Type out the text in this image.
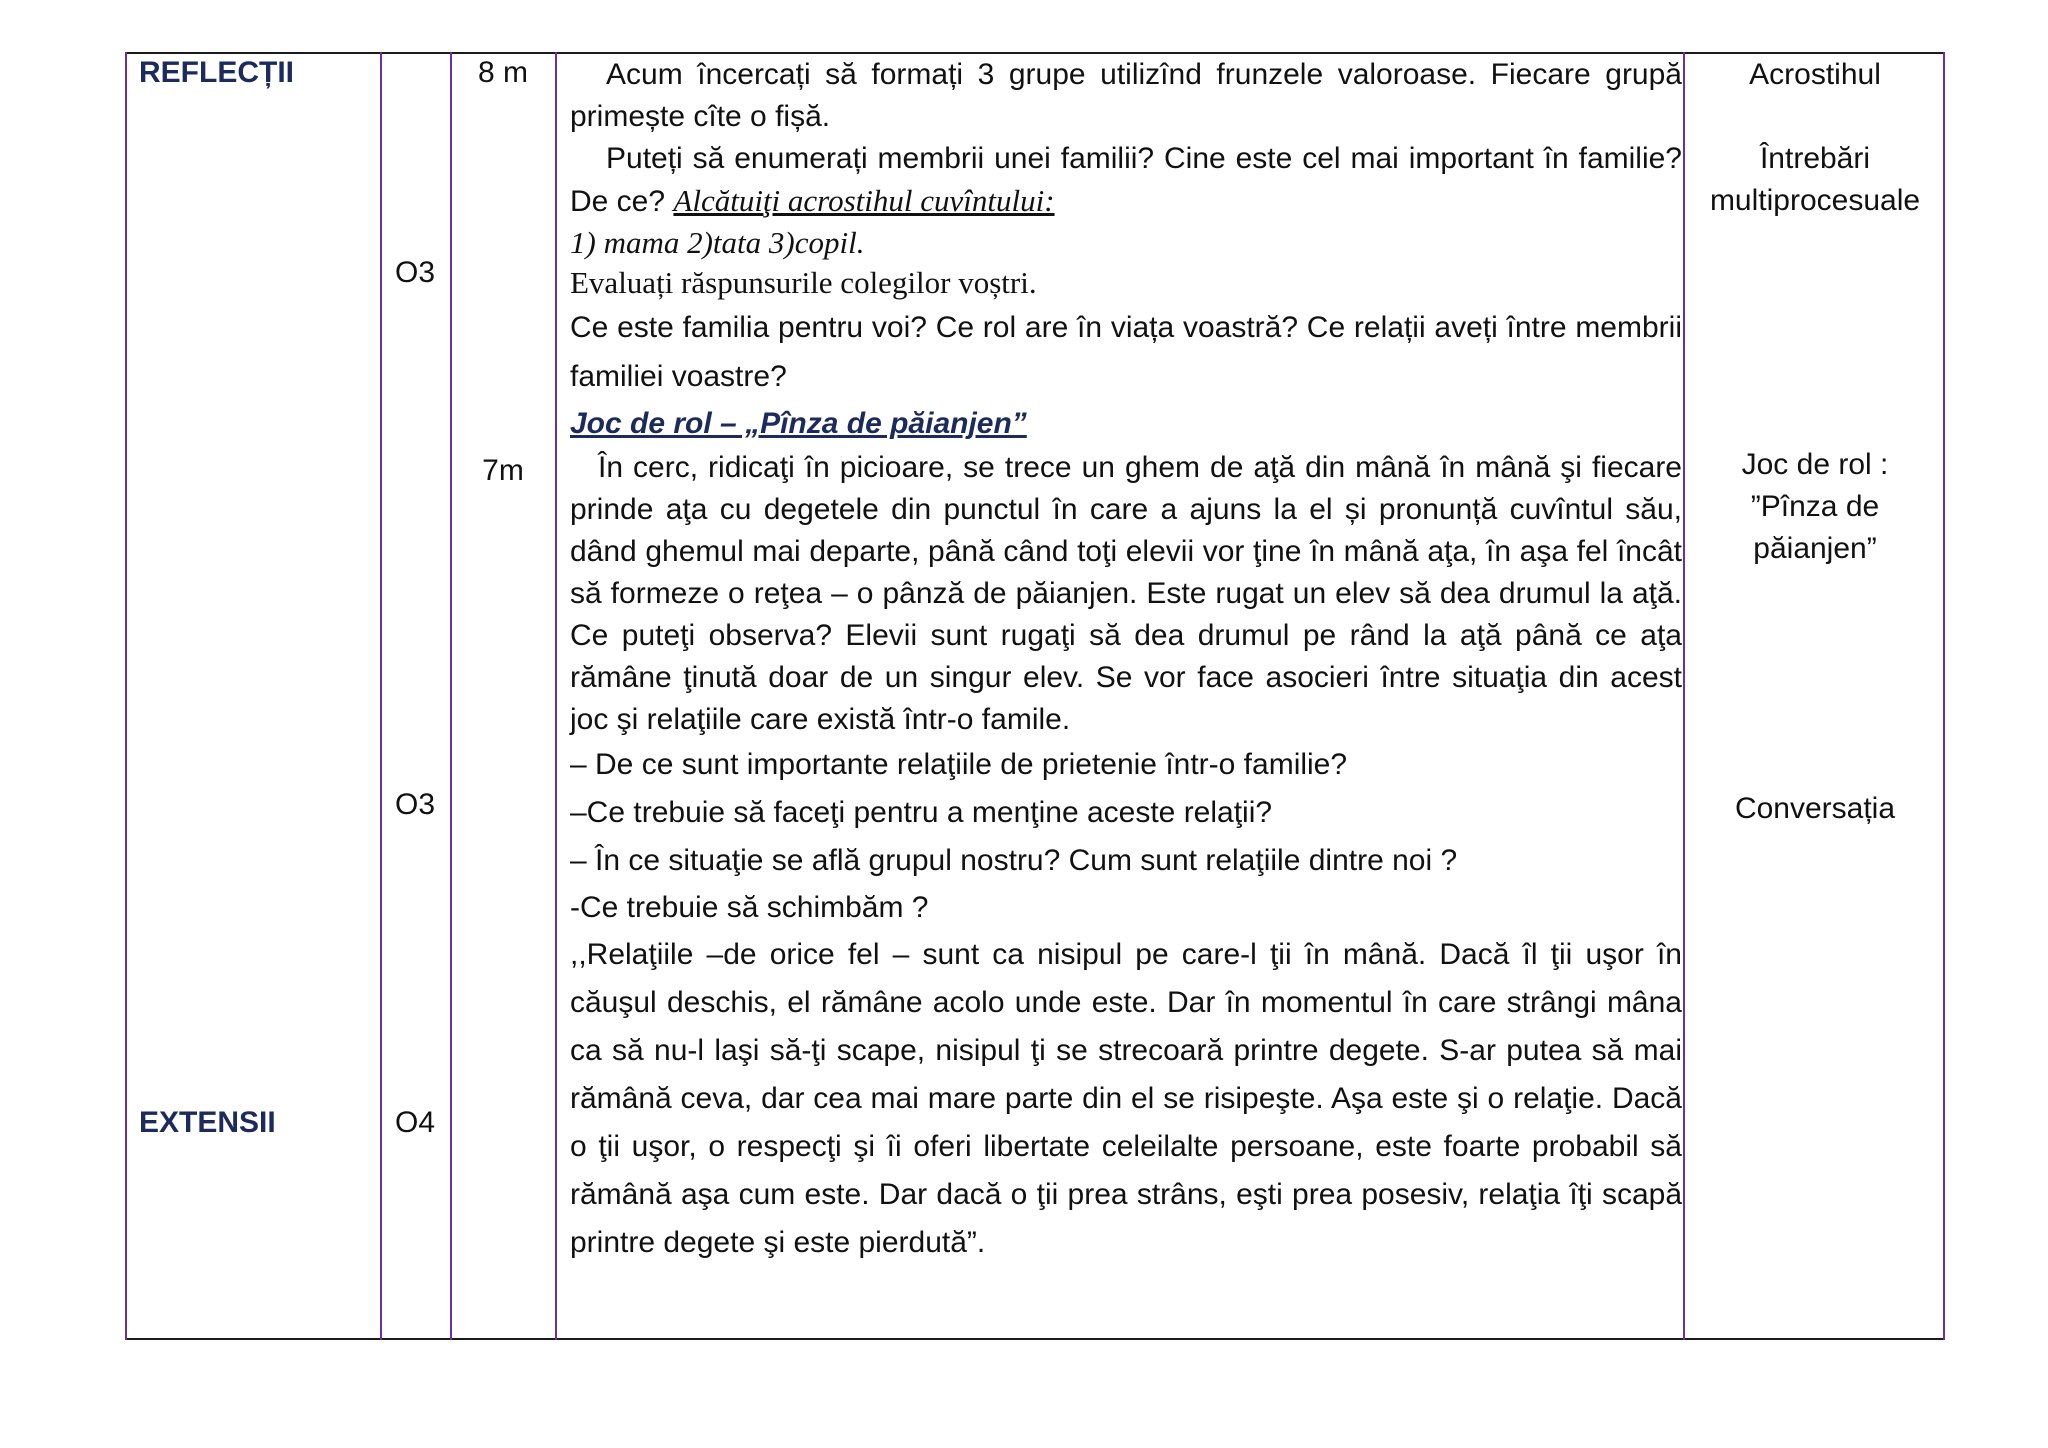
REFLECȚII
EXTENSII
O3
O3
O4
8 m
7m

Acum încercați să formați 3 grupe utilizînd frunzele valoroase. Fiecare grupă primește cîte o fișă.

Puteți să enumerați membrii unei familii? Cine este cel mai important în familie? De ce? Alcătuiţi acrostihul cuvîntului:

1) mama 2)tata 3)copil.

Evaluați răspunsurile colegilor voștri.

Ce este familia pentru voi? Ce rol are în viața voastră? Ce relații aveți între membrii familiei voastre?

Joc de rol – „Pînza de păianjen”

În cerc, ridicaţi în picioare, se trece un ghem de aţă din mână în mână şi fiecare prinde aţa cu degetele din punctul în care a ajuns la el și pronunță cuvîntul său, dând ghemul mai departe, până când toţi elevii vor ţine în mână aţa, în aşa fel încât să formeze o reţea – o pânză de păianjen. Este rugat un elev să dea drumul la aţă. Ce puteţi observa? Elevii sunt rugaţi să dea drumul pe rând la aţă până ce aţa rămâne ţinută doar de un singur elev. Se vor face asocieri între situaţia din acest joc şi relaţiile care există într-o famile.

– De ce sunt importante relaţiile de prietenie într-o familie?

–Ce trebuie să faceţi pentru a menţine aceste relaţii?

– În ce situaţie se află grupul nostru? Cum sunt relaţiile dintre noi ?

-Ce trebuie să schimbăm ?

,,Relaţiile –de orice fel – sunt ca nisipul pe care-l ţii în mână. Dacă îl ţii uşor în căuşul deschis, el rămâne acolo unde este. Dar în momentul în care strângi mâna ca să nu-l laşi să-ţi scape, nisipul ţi se strecoară printre degete. S-ar putea să mai rămână ceva, dar cea mai mare parte din el se risipeşte. Aşa este şi o relaţie. Dacă o ţii uşor, o respecţi şi îi oferi libertate celeilalte persoane, este foarte probabil să rămână aşa cum este. Dar dacă o ţii prea strâns, eşti prea posesiv, relaţia îţi scapă printre degete şi este pierdută”.

Acrostihul
Întrebări multiprocesuale
Joc de rol : ”Pînza de păianjen”
Conversația
